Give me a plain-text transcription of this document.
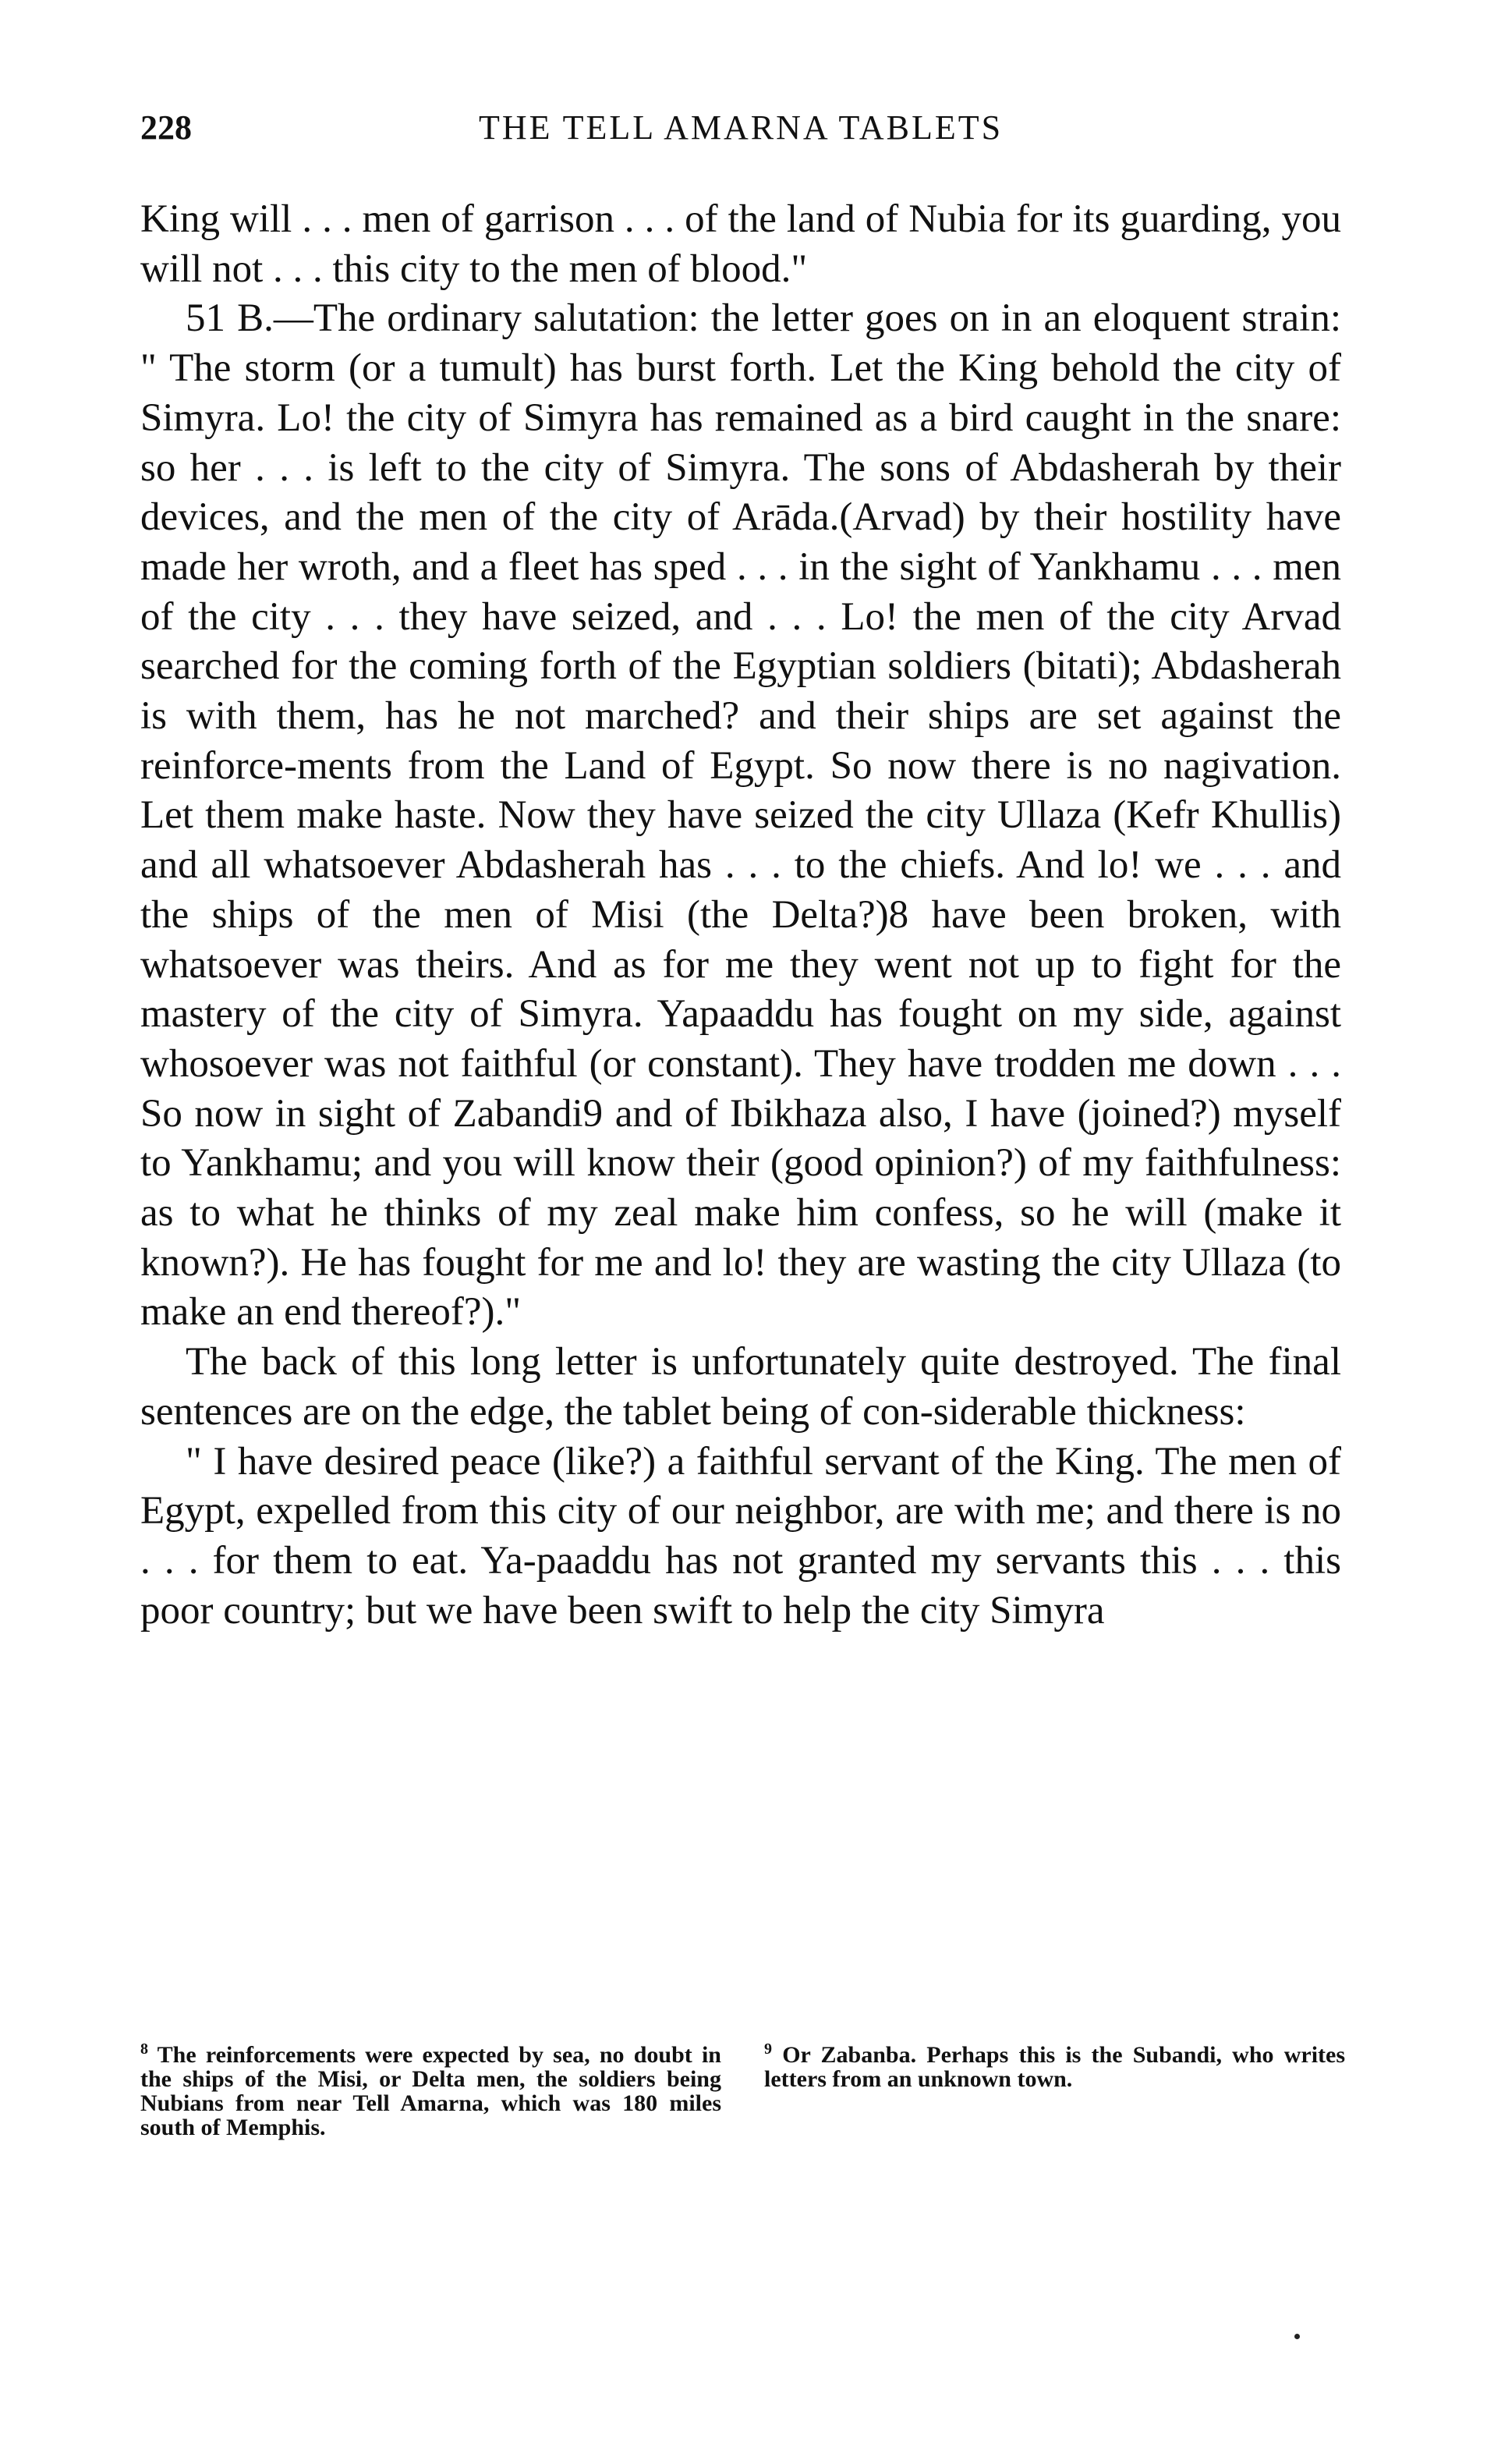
228	THE TELL AMARNA TABLETS

King will . . . men of garrison . . . of the land of Nubia for its guarding, you will not . . . this city to the men of blood."

51 B.—The ordinary salutation: the letter goes on in an eloquent strain: " The storm (or a tumult) has burst forth. Let the King behold the city of Simyra. Lo! the city of Simyra has remained as a bird caught in the snare: so her . . . is left to the city of Simyra. The sons of Abdasherah by their devices, and the men of the city of Arāda.(Arvad) by their hostility have made her wroth, and a fleet has sped . . . in the sight of Yankhamu . . . men of the city . . . they have seized, and . . . Lo! the men of the city Arvad searched for the coming forth of the Egyptian soldiers (bitati); Abdasherah is with them, has he not marched? and their ships are set against the reinforce-ments from the Land of Egypt. So now there is no nagivation. Let them make haste. Now they have seized the city Ullaza (Kefr Khullis) and all whatsoever Abdasherah has . . . to the chiefs. And lo! we . . . and the ships of the men of Misi (the Delta?)8 have been broken, with whatsoever was theirs. And as for me they went not up to fight for the mastery of the city of Simyra. Yapaaddu has fought on my side, against whosoever was not faithful (or constant). They have trodden me down . . . So now in sight of Zabandi9 and of Ibikhaza also, I have (joined?) myself to Yankhamu; and you will know their (good opinion?) of my faithfulness: as to what he thinks of my zeal make him confess, so he will (make it known?). He has fought for me and lo! they are wasting the city Ullaza (to make an end thereof?)."

The back of this long letter is unfortunately quite destroyed. The final sentences are on the edge, the tablet being of con-siderable thickness:

" I have desired peace (like?) a faithful servant of the King. The men of Egypt, expelled from this city of our neighbor, are with me; and there is no . . . for them to eat. Ya-paaddu has not granted my servants this . . . this poor country; but we have been swift to help the city Simyra

$^8$ The reinforcements were expected by sea, no doubt in the ships of the Misi, or Delta men, the soldiers being Nubians from near Tell Amarna, which was 180 miles south of Memphis.
$^9$ Or Zabanba. Perhaps this is the Subandi, who writes letters from an unknown town.
